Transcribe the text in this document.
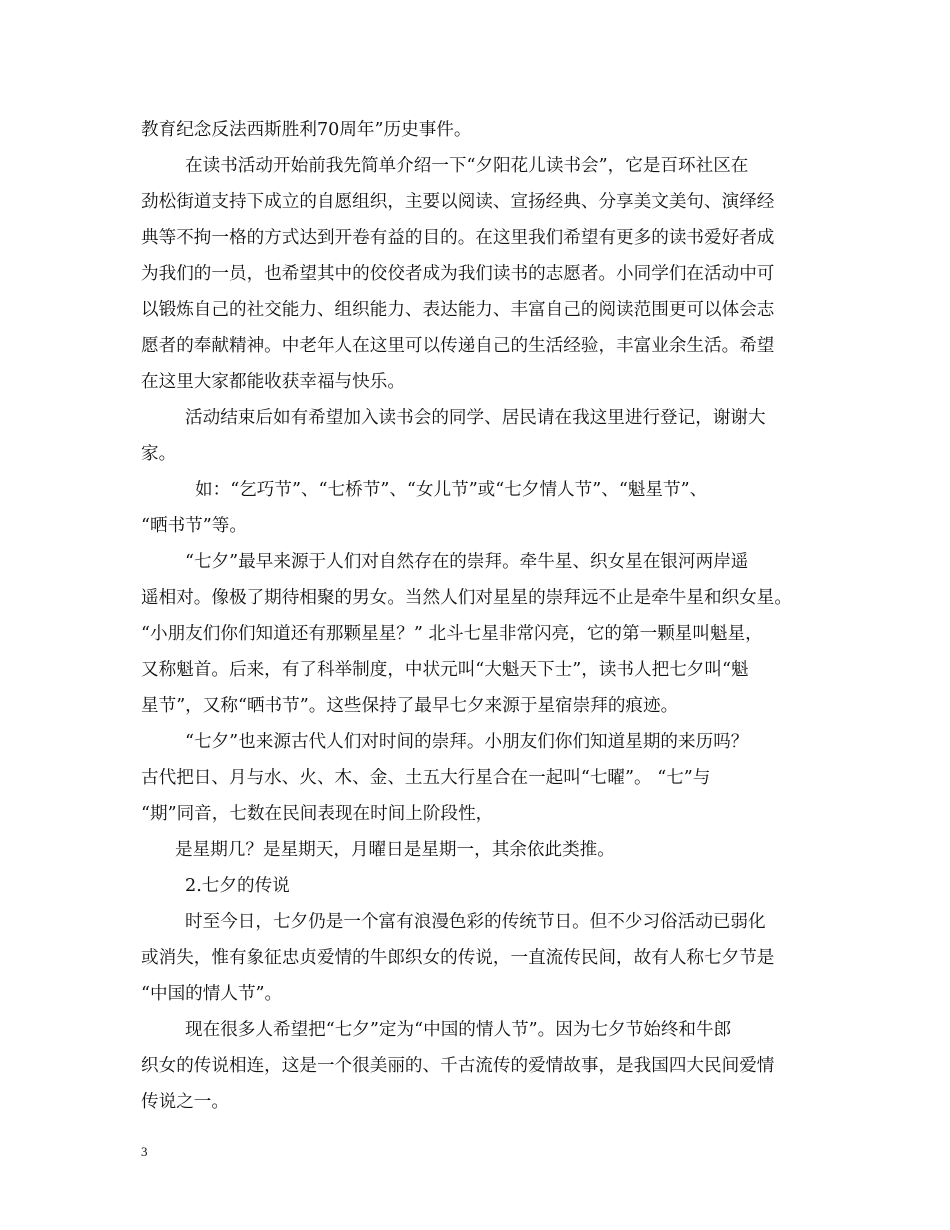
教育纪念反法西斯胜利70周年”历史事件。
在读书活动开始前我先简单介绍一下“夕阳花儿读书会”，它是百环社区在
劲松街道支持下成立的自愿组织，主要以阅读、宣扬经典、分享美文美句、演绎经
典等不拘一格的方式达到开卷有益的目的。在这里我们希望有更多的读书爱好者成
为我们的一员，也希望其中的佼佼者成为我们读书的志愿者。小同学们在活动中可
以锻炼自己的社交能力、组织能力、表达能力、丰富自己的阅读范围更可以体会志
愿者的奉献精神。中老年人在这里可以传递自己的生活经验，丰富业余生活。希望
在这里大家都能收获幸福与快乐。
活动结束后如有希望加入读书会的同学、居民请在我这里进行登记，谢谢大
家。
如：“乞巧节”、“七桥节”、“女儿节”或“七夕情人节”、“魁星节”、
“晒书节”等。
“七夕”最早来源于人们对自然存在的崇拜。牵牛星、织女星在银河两岸遥
遥相对。像极了期待相聚的男女。当然人们对星星的崇拜远不止是牵牛星和织女星。
“小朋友们你们知道还有那颗星星？” 北斗七星非常闪亮，它的第一颗星叫魁星，
又称魁首。后来，有了科举制度，中状元叫“大魁天下士”，读书人把七夕叫“魁
星节”，又称“晒书节”。这些保持了最早七夕来源于星宿崇拜的痕迹。
“七夕”也来源古代人们对时间的崇拜。小朋友们你们知道星期的来历吗？
古代把日、月与水、火、木、金、土五大行星合在一起叫“七曜”。 “七”与
“期”同音，七数在民间表现在时间上阶段性，
是星期几？是星期天，月曜日是星期一，其余依此类推。
2.七夕的传说
时至今日，七夕仍是一个富有浪漫色彩的传统节日。但不少习俗活动已弱化
或消失，惟有象征忠贞爱情的牛郎织女的传说，一直流传民间，故有人称七夕节是
“中国的情人节”。
现在很多人希望把“七夕”定为“中国的情人节”。因为七夕节始终和牛郎
织女的传说相连，这是一个很美丽的、千古流传的爱情故事，是我国四大民间爱情
传说之一。
3
